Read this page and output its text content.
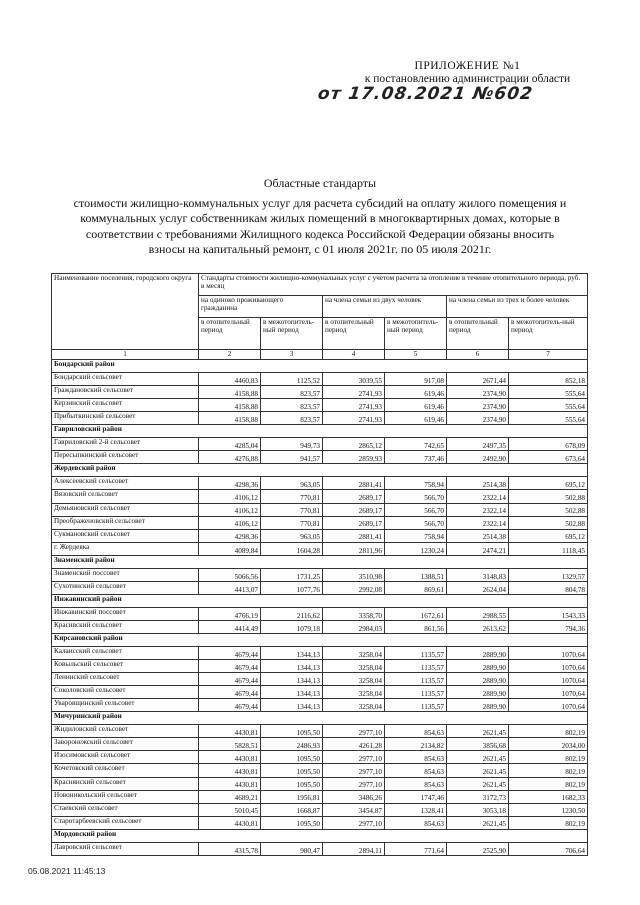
ПРИЛОЖЕНИЕ №1
к постановлению администрации области
от 17.08.2021 №602
Областные стандарты
стоимости жилищно-коммунальных услуг для расчета субсидий на оплату жилого помещения и
коммунальных услуг собственникам жилых помещений в многоквартирных домах, которые в
соответствии с требованиями Жилищного кодекса Российской Федерации обязаны вносить
взносы на капитальный ремонт, с 01 июля 2021г. по 05 июля 2021г.
Наименование поселения, городского округа	Стандарты стоимости жилищно-коммунальных услуг с учетом расчета за отопление в течение отопительного периода, руб. в месяц					
	на одиноко проживающего гражданина		на члена семьи из двух человек		на члена семьи из трех и более человек	
	в отопительный период	в межотопитель-ный период	в отопительный период	в межотопитель-ный период	в отопительный период	в межотопитель-ный период
1	2	3	4	5	6	7
Бондарский район						
Бондарский сельсовет	4460,83	1125,52	3039,55	917,08	2671,44	852,18
Граждановский сельсовет	4158,88	823,57	2741,93	619,46	2374,90	555,64
Керзинский сельсовет	4158,88	823,57	2741,93	619,46	2374,90	555,64
Прибыткинский сельсовет	4158,88	823,57	2741,93	619,46	2374,90	555,64
Гавриловский район						
Гавриловский 2-й сельсовет	4285,04	949,73	2865,12	742,65	2497,35	678,09
Пересыпкинский сельсовет	4276,88	941,57	2859,93	737,46	2492,90	673,64
Жердевский район						
Алексеевский сельсовет	4298,36	963,05	2881,41	758,94	2514,38	695,12
Вязовский сельсовет	4106,12	770,81	2689,17	566,70	2322,14	502,88
Демьяновский сельсовет	4106,12	770,81	2689,17	566,70	2322,14	502,88
Преображеновский сельсовет	4106,12	770,81	2689,17	566,70	2322,14	502,88
Сукмановский сельсовет	4298,36	963,05	2881,41	758,94	2514,38	695,12
г. Жердевка	4089,84	1604,28	2811,96	1230,24	2474,21	1118,45
Знаменский район						
Знаменский поссовет	5066,56	1731,25	3510,98	1388,51	3148,83	1329,57
Сухотинский сельсовет	4413,07	1077,76	2992,08	869,61	2624,04	804,78
Инжавинский район						
Инжавинский поссовет	4766,19	2116,62	3358,70	1672,61	2988,55	1543,33
Красивский сельсовет	4414,49	1079,18	2984,03	861,56	2613,62	794,36
Кирсановский район						
Калаисский сельсовет	4679,44	1344,13	3258,04	1135,57	2889,90	1070,64
Ковыльский сельсовет	4679,44	1344,13	3258,04	1135,57	2889,90	1070,64
Ленинский сельсовет	4679,44	1344,13	3258,04	1135,57	2889,90	1070,64
Соколовский сельсовет	4679,44	1344,13	3258,04	1135,57	2889,90	1070,64
Уваровщинский сельсовет	4679,44	1344,13	3258,04	1135,57	2889,90	1070,64
Мичуринский район						
Жидиловский сельсовет	4430,81	1095,50	2977,10	854,63	2621,45	802,19
Заворонежский сельсовет	5828,51	2486,93	4261,28	2134,82	3856,68	2034,00
Изосимовский сельсовет	4430,81	1095,50	2977,10	854,63	2621,45	802,19
Кочетовский сельсовет	4430,81	1095,50	2977,10	854,63	2621,45	802,19
Краснянский сельсовет	4430,81	1095,50	2977,10	854,63	2621,45	802,19
Новоникольский сельсовет	4689,21	1956,81	3486,26	1747,46	3172,73	1682,33
Стаевский сельсовет	5010,45	1668,87	3454,87	1328,41	3053,18	1230,50
Старотарбеевский сельсовет	4430,81	1095,50	2977,10	854,63	2621,45	802,19
Мордовский район						
Лавровский сельсовет	4315,78	980,47	2894,11	771,64	2525,90	706,64
05.08.2021 11:45:13
